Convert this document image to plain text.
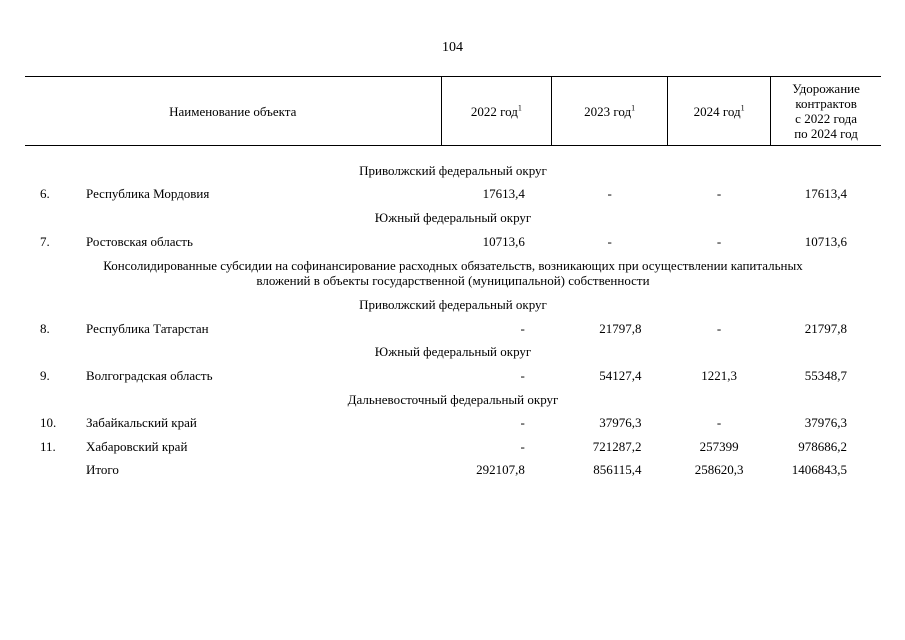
104
Наименование объекта		2022 год$^1$	2023 год$^1$	2024 год$^1$	Удорожание
контрактов
с 2022 года
по 2024 год

Приволжский федеральный округ					
6.	Республика Мордовия	17613,4	-	-	17613,4
Южный федеральный округ					
7.	Ростовская область	10713,6	-	-	10713,6
Консолидированные субсидии на софинансирование расходных обязательств, возникающих при осуществлении капитальных
вложений в объекты государственной (муниципальной) собственности					
Приволжский федеральный округ					
8.	Республика Татарстан	-	21797,8	-	21797,8
Южный федеральный округ					
9.	Волгоградская область	-	54127,4	1221,3	55348,7
Дальневосточный федеральный округ					
10.	Забайкальский край	-	37976,3	-	37976,3
11.	Хабаровский край	-	721287,2	257399	978686,2
	Итого	292107,8	856115,4	258620,3	1406843,5
